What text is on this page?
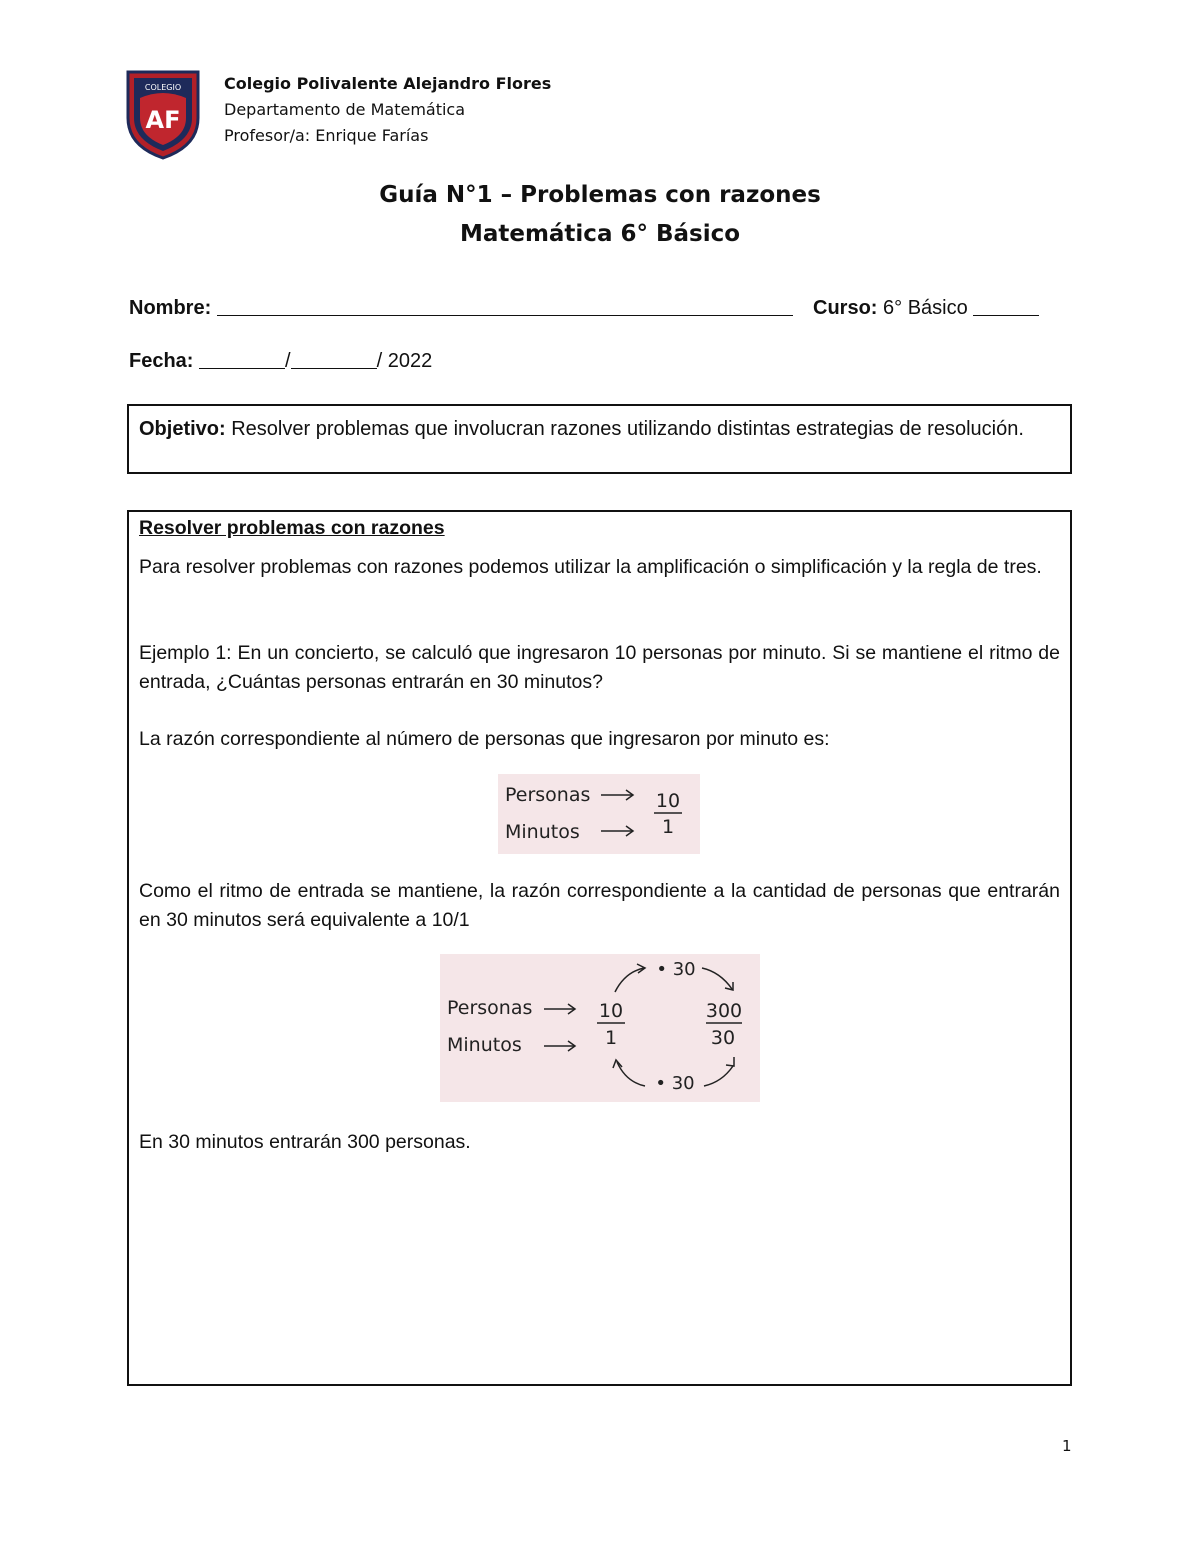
COLEGIO
AF
Colegio Polivalente Alejandro Flores
Departamento de Matemática
Profesor/a: Enrique Farías
Guía N°1 – Problemas con razones
Matemática 6° Básico
Nombre:	Curso: 6° Básico
Fecha:	/	/ 2022
Objetivo: Resolver problemas que involucran razones utilizando distintas estrategias de resolución.
Resolver problemas con razones
Para resolver problemas con razones podemos utilizar la amplificación o simplificación y la regla de tres.
Ejemplo 1: En un concierto, se calculó que ingresaron 10 personas por minuto. Si se mantiene el ritmo de entrada, ¿Cuántas personas entrarán en 30 minutos?
La razón correspondiente al número de personas que ingresaron por minuto es:
Personas
Minutos
10
1
Como el ritmo de entrada se mantiene, la razón correspondiente a la cantidad de personas que entrarán en 30 minutos será equivalente a 10/1
Personas
Minutos
10
1
300
30
• 30
• 30
En 30 minutos entrarán 300 personas.
1
